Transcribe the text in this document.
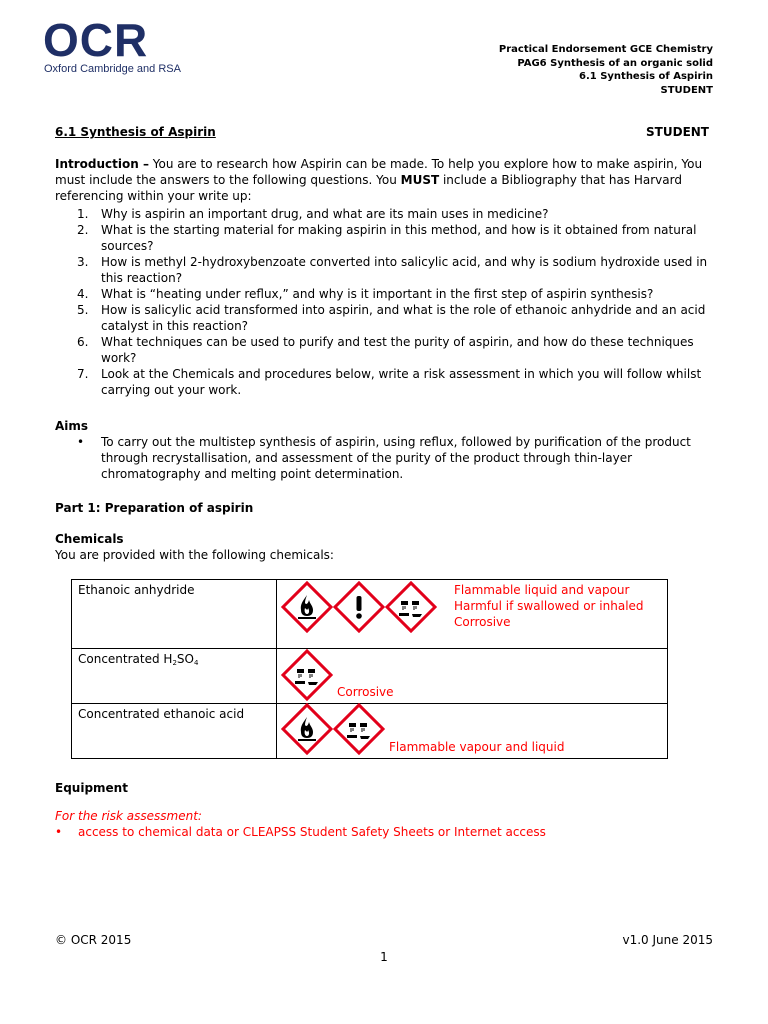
OCR
Oxford Cambridge and RSA
Practical Endorsement GCE Chemistry
PAG6 Synthesis of an organic solid
6.1 Synthesis of Aspirin
STUDENT
6.1 Synthesis of Aspirin	STUDENT
Introduction – You are to research how Aspirin can be made. To help you explore how to make aspirin, You must include the answers to the following questions. You MUST include a Bibliography that has Harvard referencing within your write up:
1. Why is aspirin an important drug, and what are its main uses in medicine?
2. What is the starting material for making aspirin in this method, and how is it obtained from natural sources?
3. How is methyl 2-hydroxybenzoate converted into salicylic acid, and why is sodium hydroxide used in this reaction?
4. What is “heating under reflux,” and why is it important in the first step of aspirin synthesis?
5. How is salicylic acid transformed into aspirin, and what is the role of ethanoic anhydride and an acid catalyst in this reaction?
6. What techniques can be used to purify and test the purity of aspirin, and how do these techniques work?
7. Look at the Chemicals and procedures below, write a risk assessment in which you will follow whilst carrying out your work.
Aims
•	To carry out the multistep synthesis of aspirin, using reflux, followed by purification of the product through recrystallisation, and assessment of the purity of the product through thin-layer chromatography and melting point determination.
Part 1: Preparation of aspirin
Chemicals
You are provided with the following chemicals:
Ethanoic anhydride	Flammable liquid and vapour
Harmful if swallowed or inhaled
Corrosive

Concentrated $H_2SO_4$	Corrosive

Concentrated ethanoic acid	Flammable vapour and liquid
Equipment
For the risk assessment:
•	access to chemical data or CLEAPSS Student Safety Sheets or Internet access
© OCR 2015	v1.0 June 2015
1
